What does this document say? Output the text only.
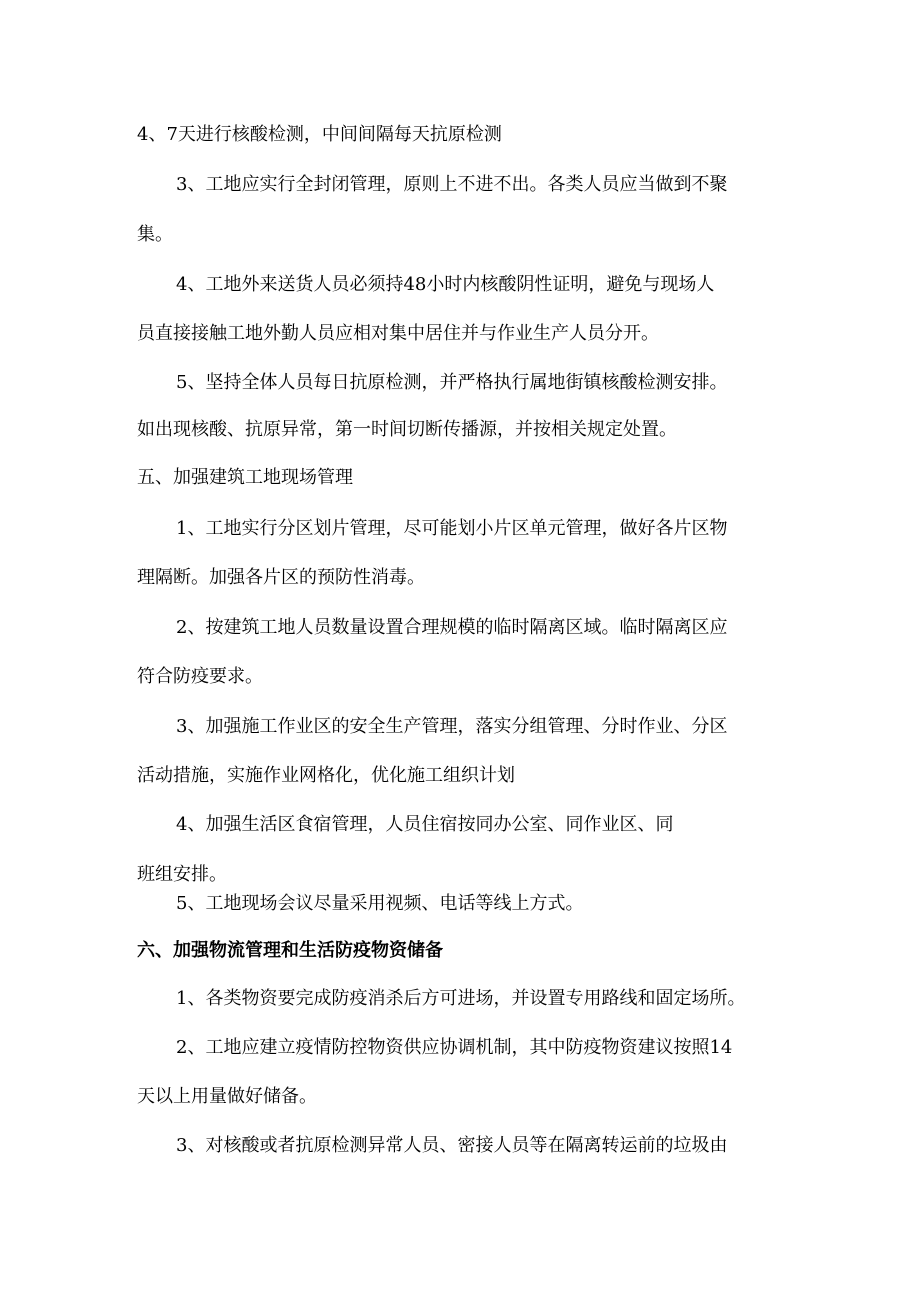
4、7天进行核酸检测，中间间隔每天抗原检测

3、工地应实行全封闭管理，原则上不进不出。各类人员应当做到不聚

集。

4、工地外来送货人员必须持48小时内核酸阴性证明，避免与现场人

员直接接触工地外勤人员应相对集中居住并与作业生产人员分开。

5、坚持全体人员每日抗原检测，并严格执行属地街镇核酸检测安排。

如出现核酸、抗原异常，第一时间切断传播源，并按相关规定处置。

五、加强建筑工地现场管理

1、工地实行分区划片管理，尽可能划小片区单元管理，做好各片区物

理隔断。加强各片区的预防性消毒。

2、按建筑工地人员数量设置合理规模的临时隔离区域。临时隔离区应

符合防疫要求。

3、加强施工作业区的安全生产管理，落实分组管理、分时作业、分区

活动措施，实施作业网格化，优化施工组织计划

4、加强生活区食宿管理，人员住宿按同办公室、同作业区、同

班组安排。

5、工地现场会议尽量采用视频、电话等线上方式。

六、加强物流管理和生活防疫物资储备

1、各类物资要完成防疫消杀后方可进场，并设置专用路线和固定场所。

2、工地应建立疫情防控物资供应协调机制，其中防疫物资建议按照14

天以上用量做好储备。

3、对核酸或者抗原检测异常人员、密接人员等在隔离转运前的垃圾由
